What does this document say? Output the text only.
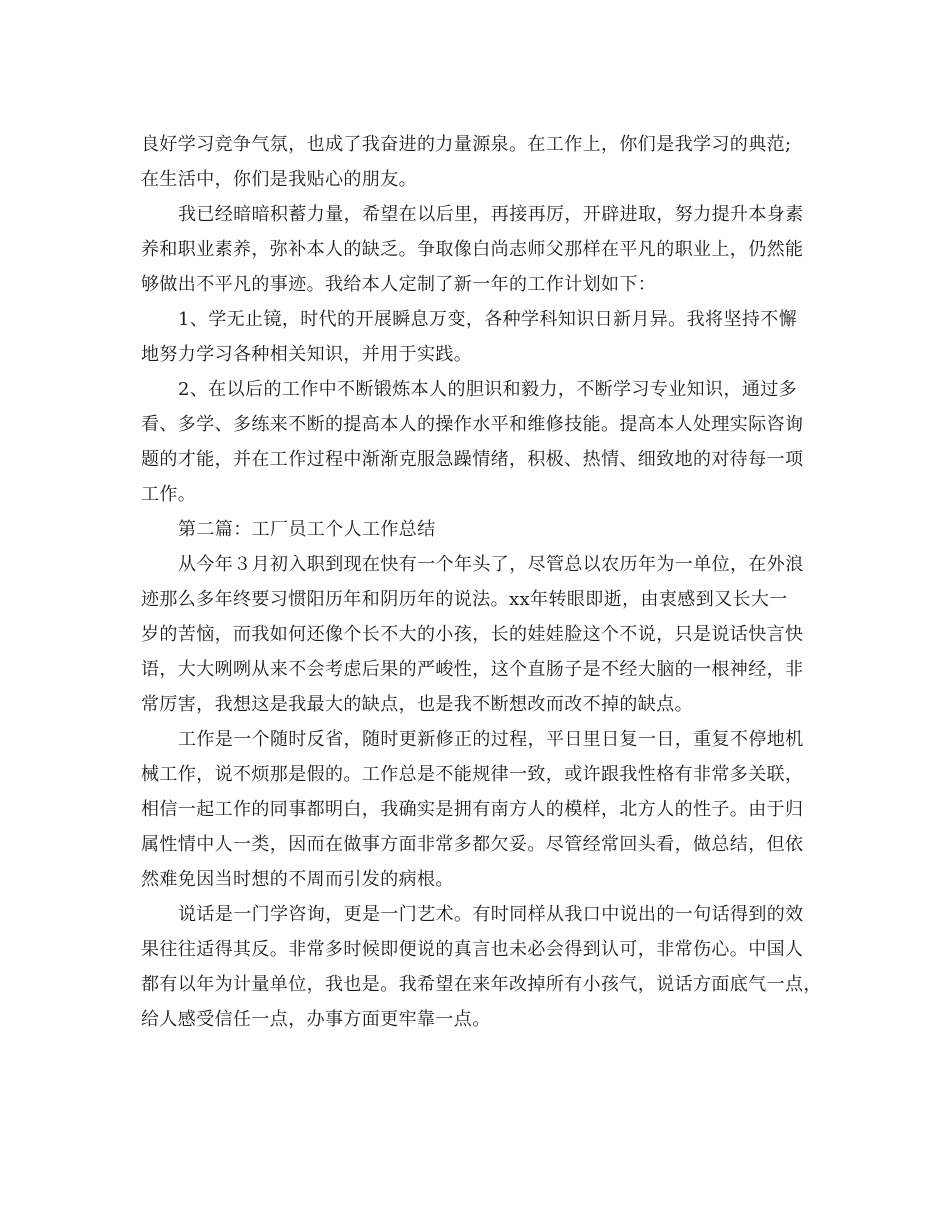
良好学习竞争气氛，也成了我奋进的力量源泉。在工作上，你们是我学习的典范;
在生活中，你们是我贴心的朋友。
我已经暗暗积蓄力量，希望在以后里，再接再厉，开辟进取，努力提升本身素
养和职业素养，弥补本人的缺乏。争取像白尚志师父那样在平凡的职业上，仍然能
够做出不平凡的事迹。我给本人定制了新一年的工作计划如下：
1、学无止镜，时代的开展瞬息万变，各种学科知识日新月异。我将坚持不懈
地努力学习各种相关知识，并用于实践。
2、在以后的工作中不断锻炼本人的胆识和毅力，不断学习专业知识，通过多
看、多学、多练来不断的提高本人的操作水平和维修技能。提高本人处理实际咨询
题的才能，并在工作过程中渐渐克服急躁情绪，积极、热情、细致地的对待每一项
工作。
第二篇：工厂员工个人工作总结
从今年３月初入职到现在快有一个年头了，尽管总以农历年为一单位，在外浪
迹那么多年终要习惯阳历年和阴历年的说法。xx年转眼即逝，由衷感到又长大一
岁的苦恼，而我如何还像个长不大的小孩，长的娃娃脸这个不说，只是说话快言快
语，大大咧咧从来不会考虑后果的严峻性，这个直肠子是不经大脑的一根神经，非
常厉害，我想这是我最大的缺点，也是我不断想改而改不掉的缺点。
工作是一个随时反省，随时更新修正的过程，平日里日复一日，重复不停地机
械工作，说不烦那是假的。工作总是不能规律一致，或许跟我性格有非常多关联，
相信一起工作的同事都明白，我确实是拥有南方人的模样，北方人的性子。由于归
属性情中人一类，因而在做事方面非常多都欠妥。尽管经常回头看，做总结，但依
然难免因当时想的不周而引发的病根。
说话是一门学咨询，更是一门艺术。有时同样从我口中说出的一句话得到的效
果往往适得其反。非常多时候即便说的真言也未必会得到认可，非常伤心。中国人
都有以年为计量单位，我也是。我希望在来年改掉所有小孩气，说话方面底气一点，
给人感受信任一点，办事方面更牢靠一点。
